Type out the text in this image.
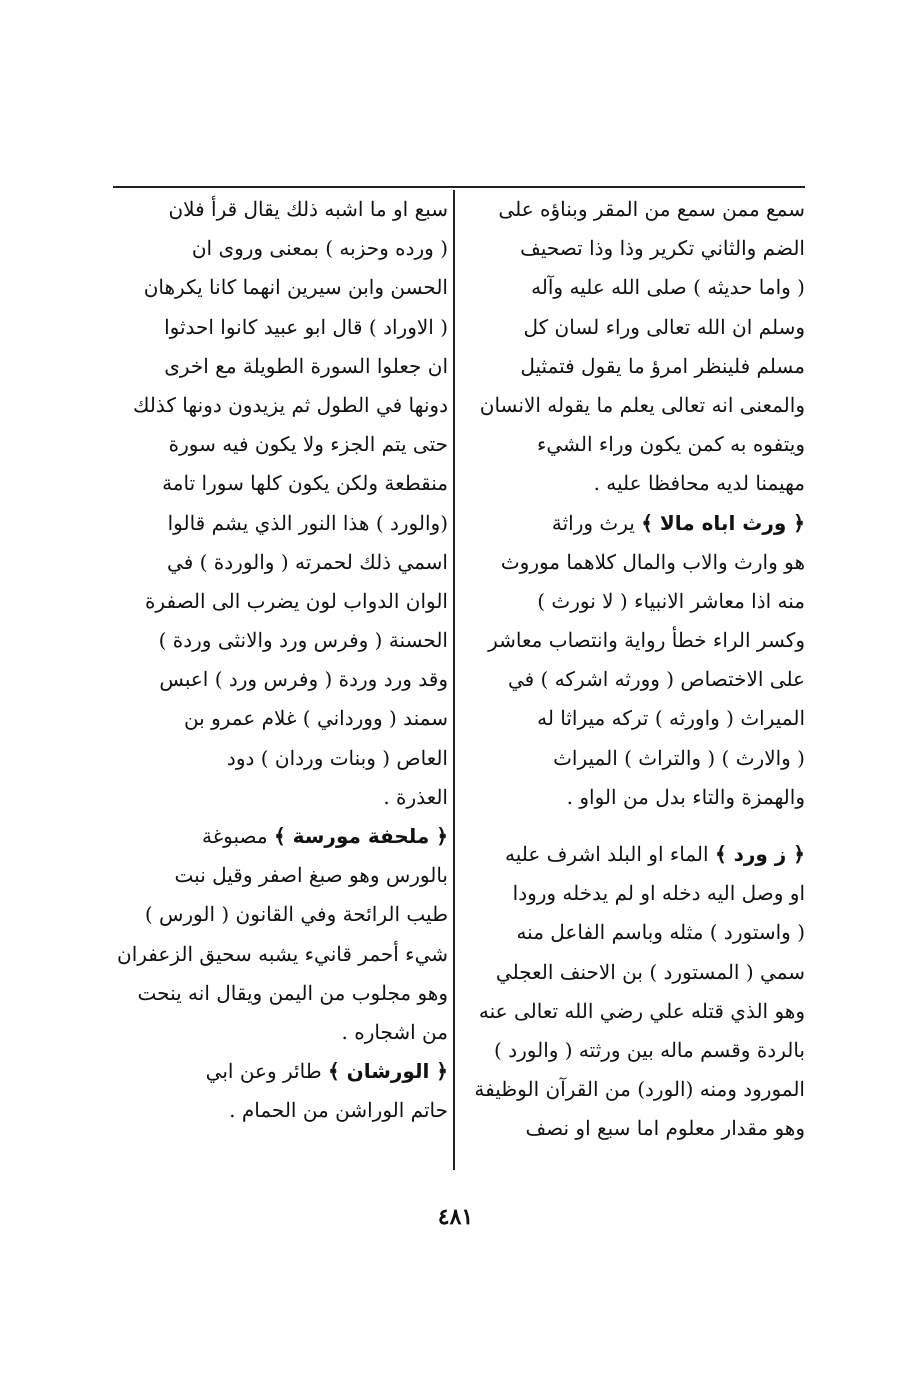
سمع ممن سمع من المقر وبناؤه على
الضم والثاني تكرير وذا وذا تصحيف
( واما حديثه ) صلى الله عليه وآله
وسلم ان الله تعالى وراء لسان كل
مسلم فلينظر امرؤ ما يقول فتمثيل
والمعنى انه تعالى يعلم ما يقوله الانسان
ويتفوه به كمن يكون وراء الشيء
مهيمنا لديه محافظا عليه .
﴿ ورث اباه مالا ﴾ يرث وراثة
هو وارث والاب والمال كلاهما موروث
منه اذا معاشر الانبياء ( لا نورث )
وكسر الراء خطأ رواية وانتصاب معاشر
على الاختصاص ( وورثه اشركه ) في
الميراث ( واورثه ) تركه ميراثا له
( والارث ) ( والتراث ) الميراث
والهمزة والتاء بدل من الواو .
﴿ ز ورد ﴾ الماء او البلد اشرف عليه
او وصل اليه دخله او لم يدخله ورودا
( واستورد ) مثله وباسم الفاعل منه
سمي ( المستورد ) بن الاحنف العجلي
وهو الذي قتله علي رضي الله تعالى عنه
بالردة وقسم ماله بين ورثته ( والورد )
المورود ومنه (الورد) من القرآن الوظيفة
وهو مقدار معلوم اما سبع او نصف
سبع او ما اشبه ذلك يقال قرأ فلان
( ورده وحزبه ) بمعنى وروى ان
الحسن وابن سيرين انهما كانا يكرهان
( الاوراد ) قال ابو عبيد كانوا احدثوا
ان جعلوا السورة الطويلة مع اخرى
دونها في الطول ثم يزيدون دونها كذلك
حتى يتم الجزء ولا يكون فيه سورة
منقطعة ولكن يكون كلها سورا تامة
(والورد ) هذا النور الذي يشم قالوا
اسمي ذلك لحمرته ( والوردة ) في
الوان الدواب لون يضرب الى الصفرة
الحسنة ( وفرس ورد والانثى وردة )
وقد ورد وردة ( وفرس ورد ) اعبس
سمند ( وورداني ) غلام عمرو بن
العاص ( وبنات وردان ) دود
العذرة .
﴿ ملحفة مورسة ﴾ مصبوغة
بالورس وهو صبغ اصفر وقيل نبت
طيب الرائحة وفي القانون ( الورس )
شيء أحمر قانيء يشبه سحيق الزعفران
وهو مجلوب من اليمن ويقال انه ينحت
من اشجاره .
﴿ الورشان ﴾ طائر وعن ابي
حاتم الوراشن من الحمام .
٤٨١
